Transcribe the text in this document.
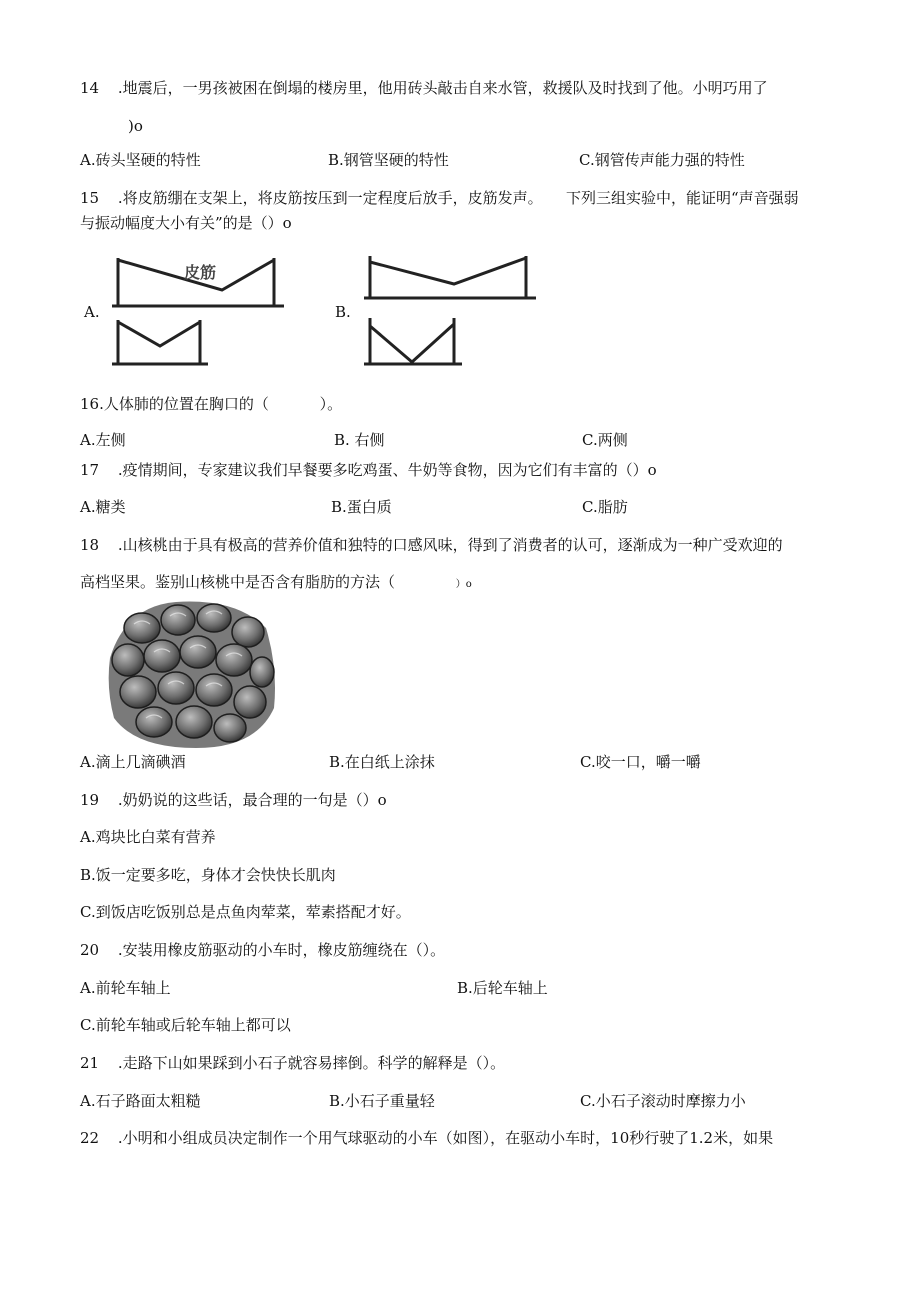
14 .地震后，一男孩被困在倒塌的楼房里，他用砖头敲击自来水管，救援队及时找到了他。小明巧用了
)o
A.砖头坚硬的特性	B.钢管坚硬的特性	C.钢管传声能力强的特性
15 .将皮筋绷在支架上，将皮筋按压到一定程度后放手，皮筋发声。 下列三组实验中，能证明“声音强弱
与振动幅度大小有关”的是（）o
A.
皮筋
B.
16.人体肺的位置在胸口的（	）。
A.左侧	B. 右侧	C.两侧
17 .疫情期间，专家建议我们早餐要多吃鸡蛋、牛奶等食物，因为它们有丰富的（）o
A.糖类	B.蛋白质	C.脂肪
18 .山核桃由于具有极高的营养价值和独特的口感风味，得到了消费者的认可，逐渐成为一种广受欢迎的
高档坚果。鉴别山核桃中是否含有脂肪的方法（	）o
A.滴上几滴碘酒	B.在白纸上涂抹	C.咬一口，嚼一嚼
19 .奶奶说的这些话，最合理的一句是（）o
A.鸡块比白菜有营养
B.饭一定要多吃，身体才会快快长肌肉
C.到饭店吃饭别总是点鱼肉荤菜，荤素搭配才好。
20 .安装用橡皮筋驱动的小车时，橡皮筋缠绕在（）。
A.前轮车轴上	B.后轮车轴上
C.前轮车轴或后轮车轴上都可以
21 .走路下山如果踩到小石子就容易摔倒。科学的解释是（）。
A.石子路面太粗糙	B.小石子重量轻	C.小石子滚动时摩擦力小
22 .小明和小组成员决定制作一个用气球驱动的小车（如图），在驱动小车时，10秒行驶了1.2米，如果
